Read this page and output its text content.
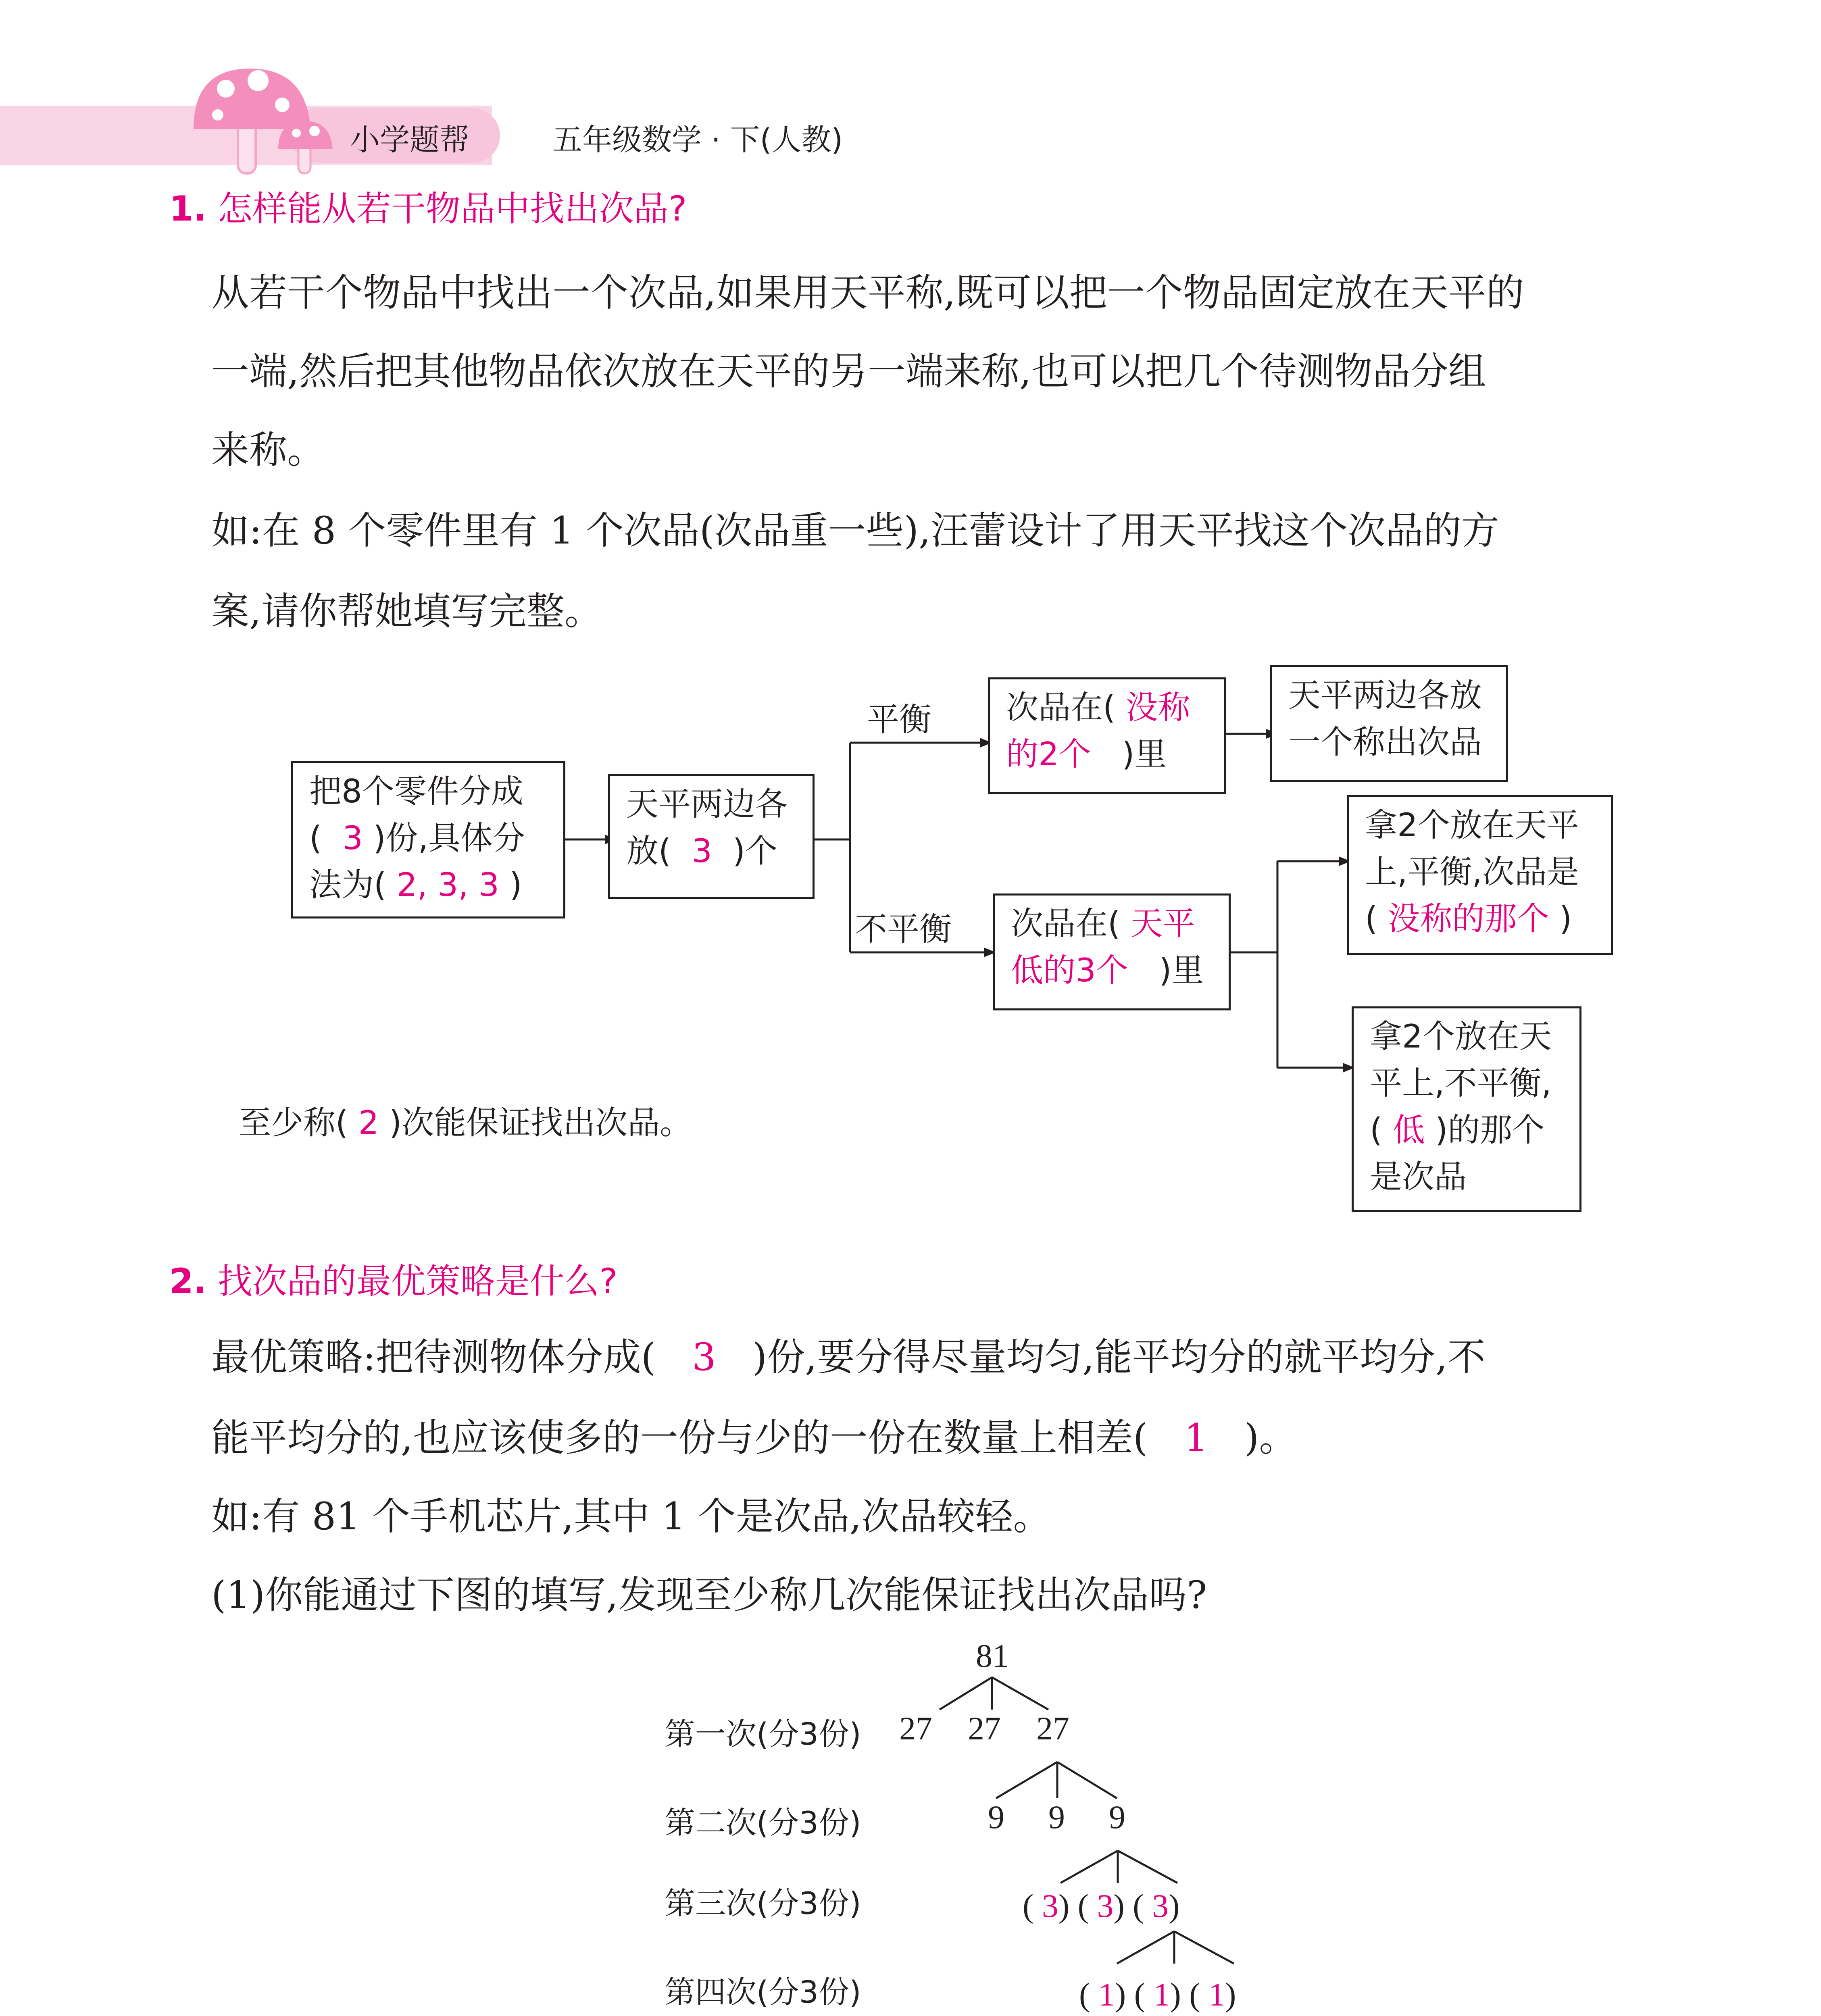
小学题帮	五年级数学 · 下(人教)
1. 怎样能从若干物品中找出次品?
从若干个物品中找出一个次品,如果用天平称,既可以把一个物品固定放在天平的
一端,然后把其他物品依次放在天平的另一端来称,也可以把几个待测物品分组
来称。
如:在 8 个零件里有 1 个次品(次品重一些),汪蕾设计了用天平找这个次品的方
案,请你帮她填写完整。
把8个零件分成
( 3 )份,具体分
法为( 2, 3, 3 )
天平两边各
放( 3 )个
平衡
不平衡
次品在( 没称
的2个 )里
天平两边各放
一个称出次品
次品在( 天平
低的3个 )里
拿2个放在天平
上,平衡,次品是
( 没称的那个 )
拿2个放在天
平上,不平衡,
( 低 )的那个
是次品
至少称( 2 )次能保证找出次品。
2. 找次品的最优策略是什么?
最优策略:把待测物体分成( 3 )份,要分得尽量均匀,能平均分的就平均分,不
能平均分的,也应该使多的一份与少的一份在数量上相差( 1 )。
如:有 81 个手机芯片,其中 1 个是次品,次品较轻。
(1)你能通过下图的填写,发现至少称几次能保证找出次品吗?
81
第一次(分3份) 27 27 27
第二次(分3份)	9 9 9
第三次(分3份)	( 3) ( 3) ( 3)
第四次(分3份)	( 1) ( 1) ( 1)
